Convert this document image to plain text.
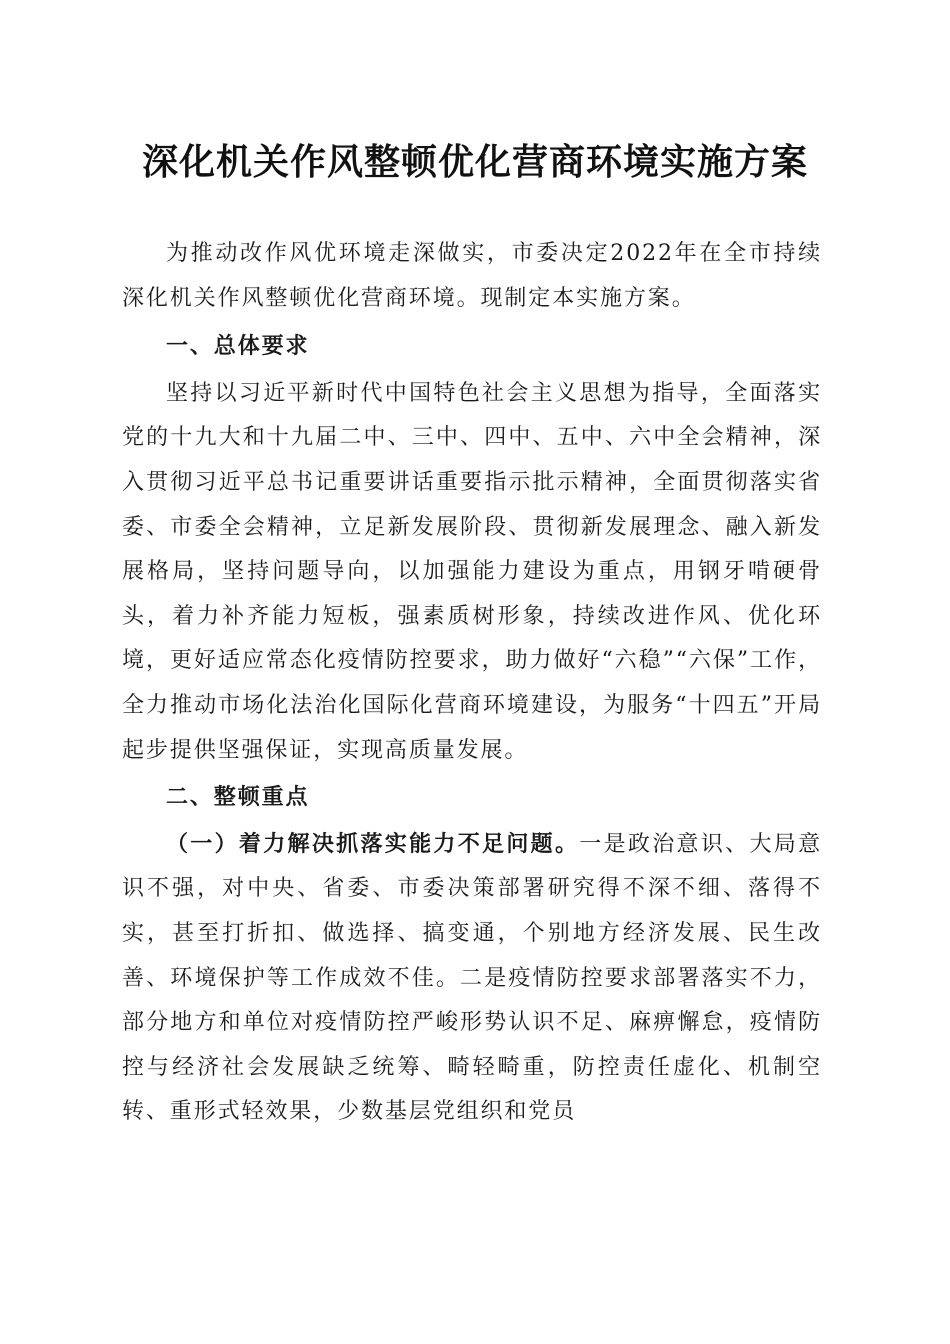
深化机关作风整顿优化营商环境实施方案

为推动改作风优环境走深做实，市委决定2022年在全市持续深化机关作风整顿优化营商环境。现制定本实施方案。

一、总体要求

坚持以习近平新时代中国特色社会主义思想为指导，全面落实党的十九大和十九届二中、三中、四中、五中、六中全会精神，深入贯彻习近平总书记重要讲话重要指示批示精神，全面贯彻落实省委、市委全会精神，立足新发展阶段、贯彻新发展理念、融入新发展格局，坚持问题导向，以加强能力建设为重点，用钢牙啃硬骨头，着力补齐能力短板，强素质树形象，持续改进作风、优化环境，更好适应常态化疫情防控要求，助力做好“六稳”“六保”工作，全力推动市场化法治化国际化营商环境建设，为服务“十四五”开局起步提供坚强保证，实现高质量发展。

二、整顿重点

（一）着力解决抓落实能力不足问题。一是政治意识、大局意识不强，对中央、省委、市委决策部署研究得不深不细、落得不实，甚至打折扣、做选择、搞变通，个别地方经济发展、民生改善、环境保护等工作成效不佳。二是疫情防控要求部署落实不力，部分地方和单位对疫情防控严峻形势认识不足、麻痹懈怠，疫情防控与经济社会发展缺乏统筹、畸轻畸重，防控责任虚化、机制空转、重形式轻效果，少数基层党组织和党员
